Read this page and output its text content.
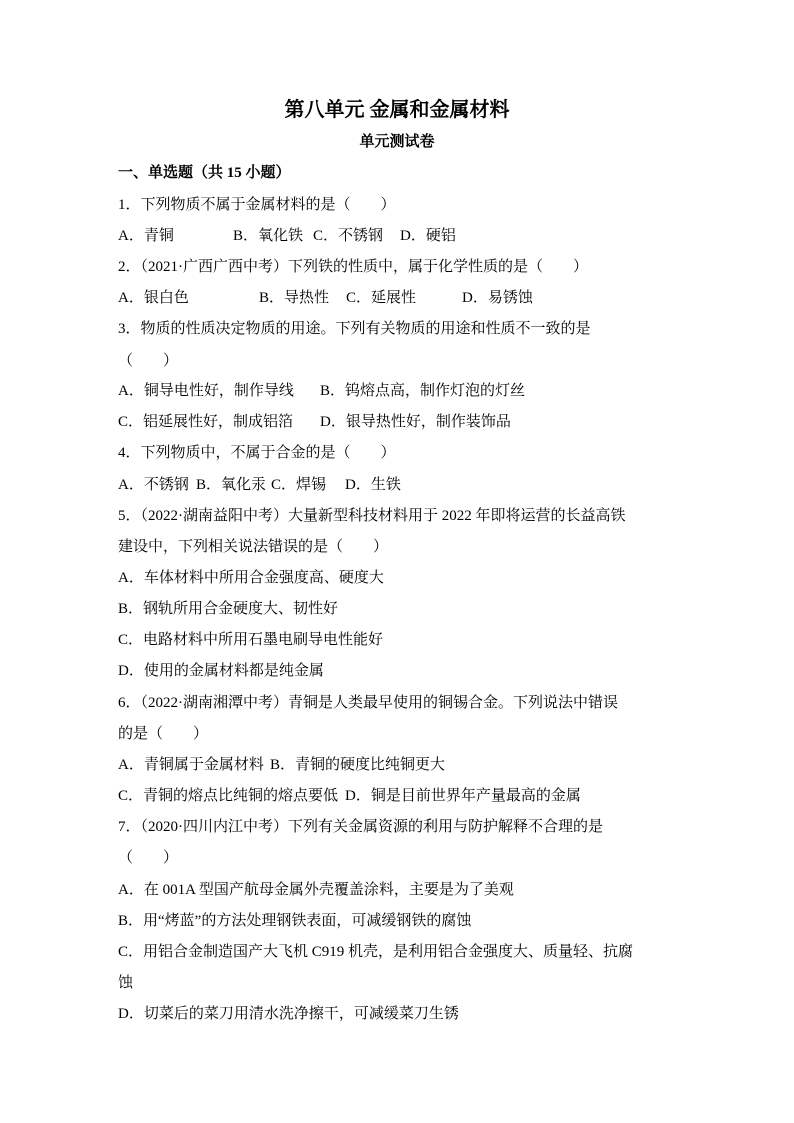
第八单元 金属和金属材料
单元测试卷
一、单选题（共 15 小题）
1．下列物质不属于金属材料的是（　　）
A．青铜	B．氧化铁 C．不锈钢 D．硬铝
2．（2021·广西广西中考）下列铁的性质中，属于化学性质的是（　　）
A．银白色	B．导热性 C．延展性	D．易锈蚀
3．物质的性质决定物质的用途。下列有关物质的用途和性质不一致的是
（　　）
A．铜导电性好，制作导线 B．钨熔点高，制作灯泡的灯丝
C．铝延展性好，制成铝箔 D．银导热性好，制作装饰品
4．下列物质中，不属于合金的是（　　）
A．不锈钢 B．氧化汞 C．焊锡 D．生铁
5．（2022·湖南益阳中考）大量新型科技材料用于 2022 年即将运营的长益高铁
建设中，下列相关说法错误的是（　　）
A．车体材料中所用合金强度高、硬度大
B．钢轨所用合金硬度大、韧性好
C．电路材料中所用石墨电刷导电性能好
D．使用的金属材料都是纯金属
6．（2022·湖南湘潭中考）青铜是人类最早使用的铜锡合金。下列说法中错误
的是（　　）
A．青铜属于金属材料 B．青铜的硬度比纯铜更大
C．青铜的熔点比纯铜的熔点要低 D．铜是目前世界年产量最高的金属
7．（2020·四川内江中考）下列有关金属资源的利用与防护解释不合理的是
（　　）
A．在 001A 型国产航母金属外壳覆盖涂料，主要是为了美观
B．用“烤蓝”的方法处理钢铁表面，可减缓钢铁的腐蚀
C．用铝合金制造国产大飞机 C919 机壳，是利用铝合金强度大、质量轻、抗腐
蚀
D．切菜后的菜刀用清水洗净擦干，可减缓菜刀生锈
